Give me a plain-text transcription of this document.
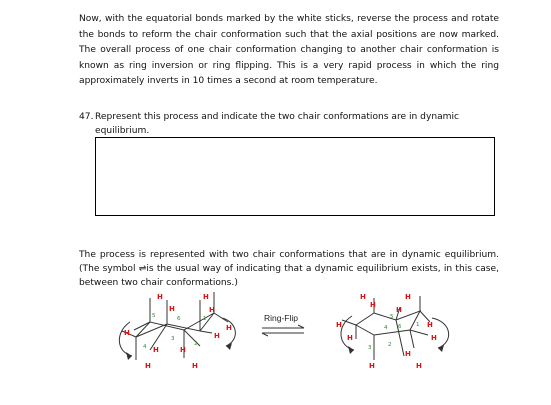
Now, with the equatorial bonds marked by the white sticks, reverse the process and rotate the bonds to reform the chair conformation such that the axial positions are now marked. The overall process of one chair conformation changing to another chair conformation is known as ring inversion or ring flipping. This is a very rapid process in which the ring approximately inverts in 10 times a second at room temperature.

47. Represent this process and indicate the two chair conformations are in dynamic
equilibrium.

The process is represented with two chair conformations that are in dynamic equilibrium. (The symbol ⇌is the usual way of indicating that a dynamic equilibrium exists, in this case, between two chair conformations.)

H	H
H	H
H
H
H
H	H
H	H
1
2
3
4
5	6	Ring-Flip
H	H
H
H
H
H
H
H
H
H	H
1
2
3
4
5
6
